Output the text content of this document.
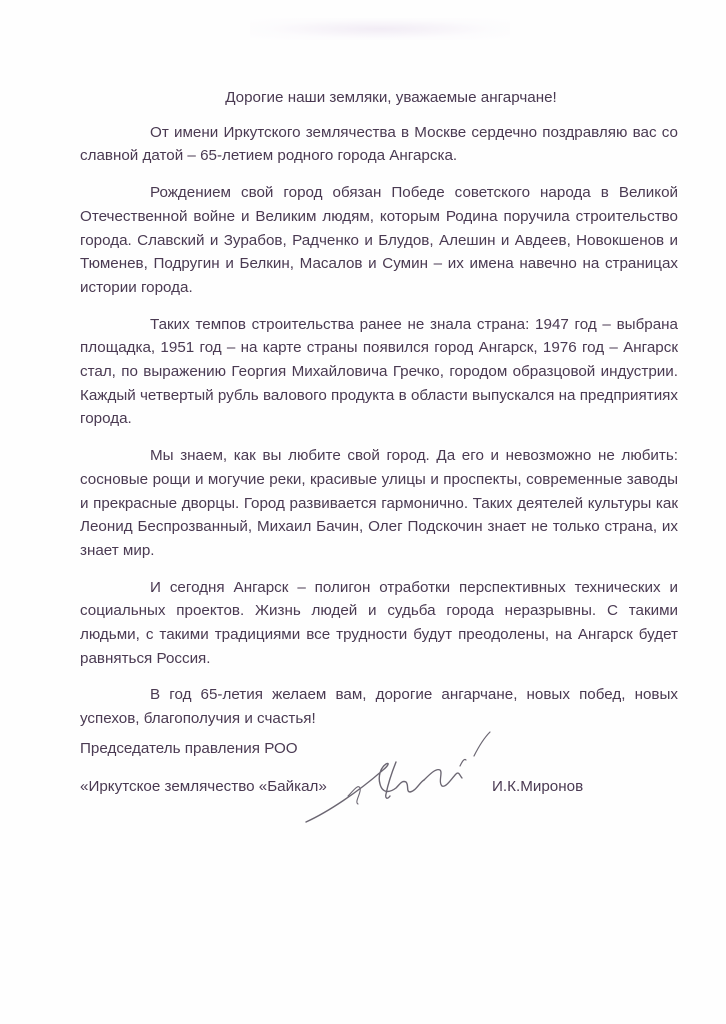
Дорогие наши земляки, уважаемые ангарчане!

От имени Иркутского землячества в Москве сердечно поздравляю вас со славной датой – 65-летием родного города Ангарска.

Рождением свой город обязан Победе советского народа в Великой Отечественной войне и Великим людям, которым Родина поручила строительство города. Славский и Зурабов, Радченко и Блудов, Алешин и Авдеев, Новокшенов и Тюменев, Подругин и Белкин, Масалов и Сумин – их имена навечно на страницах истории города.

Таких темпов строительства ранее не знала страна: 1947 год – выбрана площадка, 1951 год – на карте страны появился город Ангарск, 1976 год – Ангарск стал, по выражению Георгия Михайловича Гречко, городом образцовой индустрии. Каждый четвертый рубль валового продукта в области выпускался на предприятиях города.

Мы знаем, как вы любите свой город. Да его и невозможно не любить: сосновые рощи и могучие реки, красивые улицы и проспекты, современные заводы и прекрасные дворцы. Город развивается гармонично. Таких деятелей культуры как Леонид Беспрозванный, Михаил Бачин, Олег Подскочин знает не только страна, их знает мир.

И сегодня Ангарск – полигон отработки перспективных технических и социальных проектов. Жизнь людей и судьба города неразрывны. С такими людьми, с такими традициями все трудности будут преодолены, на Ангарск будет равняться Россия.

В год 65-летия желаем вам, дорогие ангарчане, новых побед, новых успехов, благополучия и счастья!

Председатель правления РОО
«Иркутское землячество «Байкал»	И.К.Миронов
